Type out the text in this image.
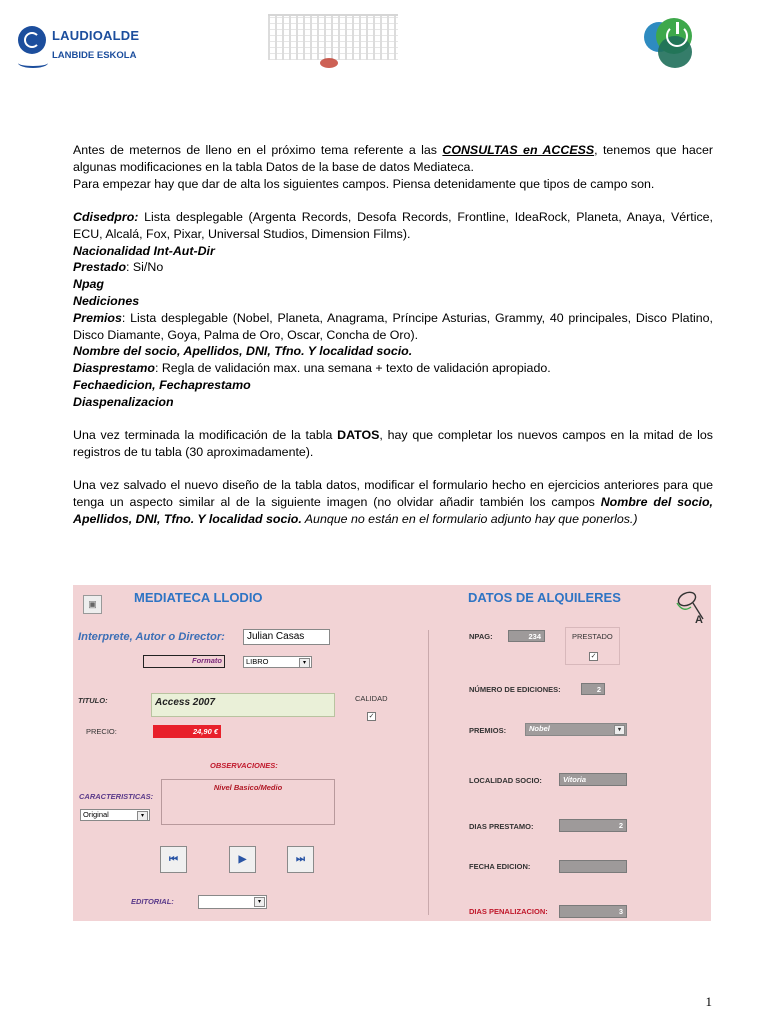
LAUDIOALDE
LANBIDE ESKOLA

Antes de meternos de lleno en el próximo tema referente a las CONSULTAS en ACCESS, tenemos que hacer algunas modificaciones en la tabla Datos de la base de datos Mediateca.

Para empezar hay que dar de alta los siguientes campos. Piensa detenidamente que tipos de campo son.

Cdisedpro: Lista desplegable (Argenta Records, Desofa Records, Frontline, IdeaRock, Planeta, Anaya, Vértice, ECU, Alcalá, Fox, Pixar, Universal Studios, Dimension Films).

Nacionalidad Int-Aut-Dir

Prestado: Si/No

Npag

Nediciones

Premios: Lista desplegable (Nobel, Planeta, Anagrama, Príncipe Asturias, Grammy, 40 principales, Disco Platino, Disco Diamante, Goya, Palma de Oro, Oscar, Concha de Oro).

Nombre del socio, Apellidos, DNI, Tfno. Y localidad socio.

Diasprestamo: Regla de validación max. una semana + texto de validación apropiado.

Fechaedicion, Fechaprestamo

Diaspenalizacion

Una vez terminada la modificación de la tabla DATOS, hay que completar los nuevos campos en la mitad de los registros de tu tabla (30 aproximadamente).

Una vez salvado el nuevo diseño de la tabla datos, modificar el formulario hecho en ejercicios anteriores para que tenga un aspecto similar al de la siguiente imagen (no olvidar añadir también los campos Nombre del socio, Apellidos, DNI, Tfno. Y localidad socio. Aunque no están en el formulario adjunto hay que ponerlos.)

▣	MEDIATECA LLODIO	DATOS DE ALQUILERES
A
Interprete, Autor o Director:	Julian Casas
Formato	LIBRO	▾
TITULO:	Access 2007	CALIDAD
✓
PRECIO:	24,90 €
OBSERVACIONES:
Nivel Basico/Medio
CARACTERISTICAS:
Original	▾
⏮	▶	⏭
EDITORIAL:	▾
NPAG:	234	PRESTADO
✓
NÚMERO DE EDICIONES:	2
PREMIOS:	Nobel	▾
LOCALIDAD SOCIO:	Vitoria
DIAS PRESTAMO:	2
FECHA EDICION:
DIAS PENALIZACION:	3
1
